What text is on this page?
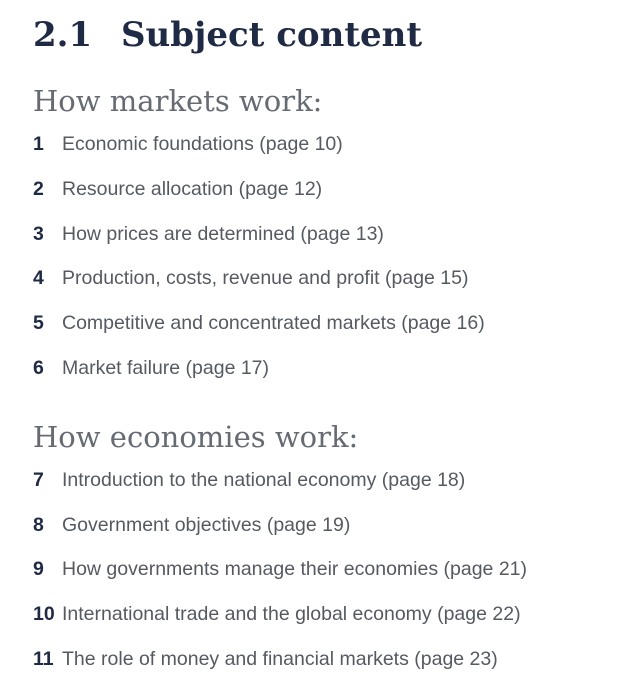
2.1 Subject content
How markets work:
1 Economic foundations (page 10)
2 Resource allocation (page 12)
3 How prices are determined (page 13)
4 Production, costs, revenue and profit (page 15)
5 Competitive and concentrated markets (page 16)
6 Market failure (page 17)
How economies work:
7 Introduction to the national economy (page 18)
8 Government objectives (page 19)
9 How governments manage their economies (page 21)
10 International trade and the global economy (page 22)
11 The role of money and financial markets (page 23)
